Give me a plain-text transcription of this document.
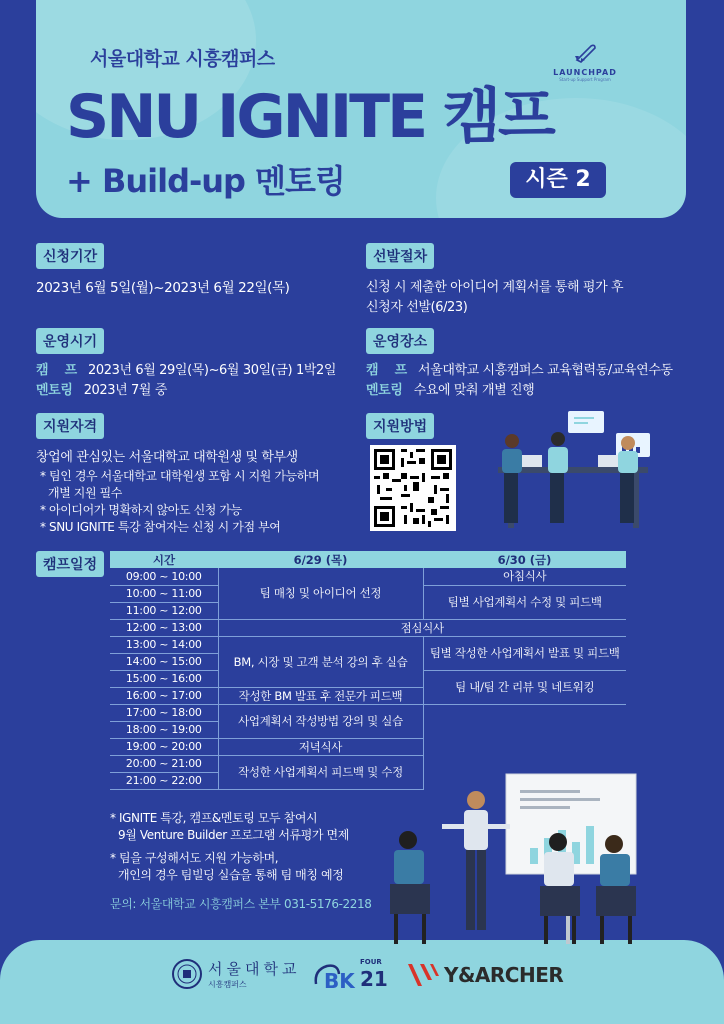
서울대학교 시흥캠퍼스
SNU IGNITE 캠프
+ Build-up 멘토링	시즌 2
LAUNCHPAD
Start-up Support Program
신청기간
2023년 6월 5일(월)~2023년 6월 22일(목)
선발절차
신청 시 제출한 아이디어 계획서를 통해 평가 후
신청자 선발(6/23)
운영시기
캠    프 2023년 6월 29일(목)~6월 30일(금) 1박2일
멘토링 2023년 7월 중
운영장소
캠    프 서울대학교 시흥캠퍼스 교육협력동/교육연수동
멘토링 수요에 맞춰 개별 진행
지원자격
창업에 관심있는 서울대학교 대학원생 및 학부생
* 팀인 경우 서울대학교 대학원생 포함 시 지원 가능하며
개별 지원 필수
* 아이디어가 명확하지 않아도 신청 가능
* SNU IGNITE 특강 참여자는 신청 시 가점 부여
지원방법
캠프일정	시간	6/29 (목)	6/30 (금)
09:00 ~ 10:00	팀 매칭 및 아이디어 선정	아침식사
10:00 ~ 11:00		팀별 사업계획서 수정 및 피드백
11:00 ~ 12:00		
12:00 ~ 13:00	점심식사	
13:00 ~ 14:00	BM, 시장 및 고객 분석 강의 후 실습	팀별 작성한 사업계획서 발표 및 피드백
14:00 ~ 15:00		
15:00 ~ 16:00		팀 내/팀 간 리뷰 및 네트워킹
16:00 ~ 17:00	작성한 BM 발표 후 전문가 피드백	
17:00 ~ 18:00	사업계획서 작성방법 강의 및 실습	
18:00 ~ 19:00		
19:00 ~ 20:00	저녁식사	
20:00 ~ 21:00	작성한 사업계획서 피드백 및 수정	
21:00 ~ 22:00		
* IGNITE 특강, 캠프&멘토링 모두 참여시
9월 Venture Builder 프로그램 서류평가 면제
* 팀을 구성해서도 지원 가능하며,
개인의 경우 팀빌딩 실습을 통해 팀 매칭 예정
문의: 서울대학교 시흥캠퍼스 본부 031-5176-2218
서울대학교
시흥캠퍼스
FOUR
BK 21	Y&ARCHER
